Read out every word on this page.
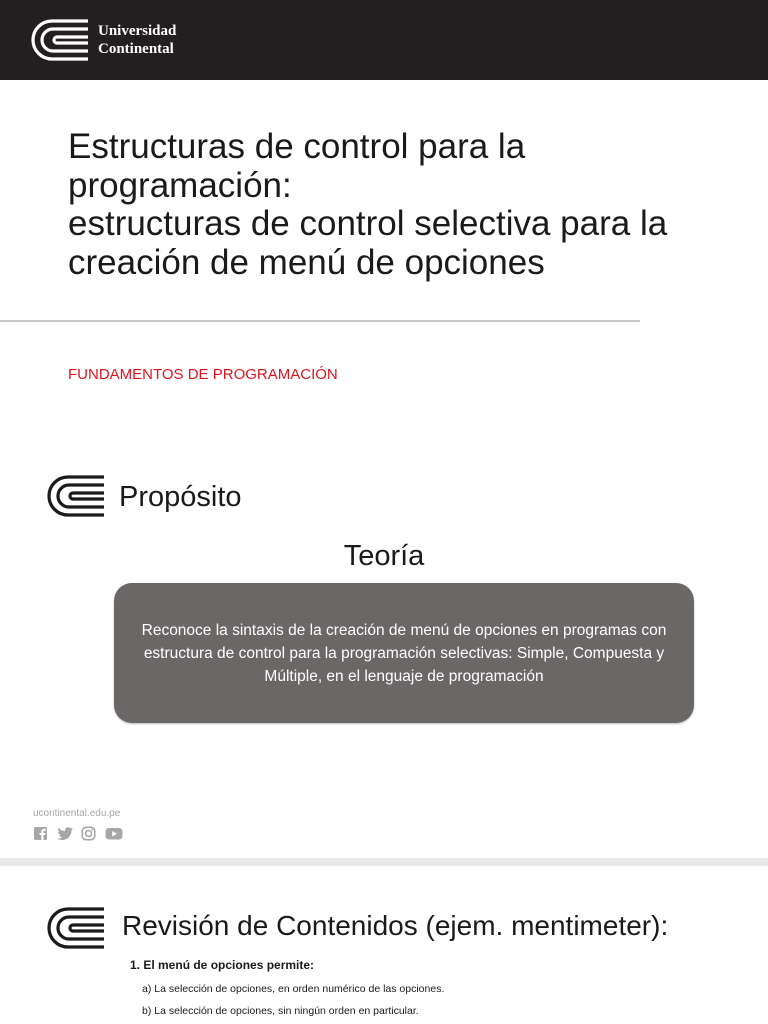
Universidad
Continental
Estructuras de control para la
programación:
estructuras de control selectiva para la
creación de menú de opciones
FUNDAMENTOS DE PROGRAMACIÓN
Propósito
Teoría
Reconoce la sintaxis de la creación de menú de opciones en programas con estructura de control para la programación selectivas: Simple, Compuesta y Múltiple, en el lenguaje de programación
ucontinental.edu.pe
Revisión de Contenidos (ejem. mentimeter):
1. El menú de opciones permite:
a) La selección de opciones, en orden numérico de las opciones.
b) La selección de opciones, sin ningún orden en particular.
